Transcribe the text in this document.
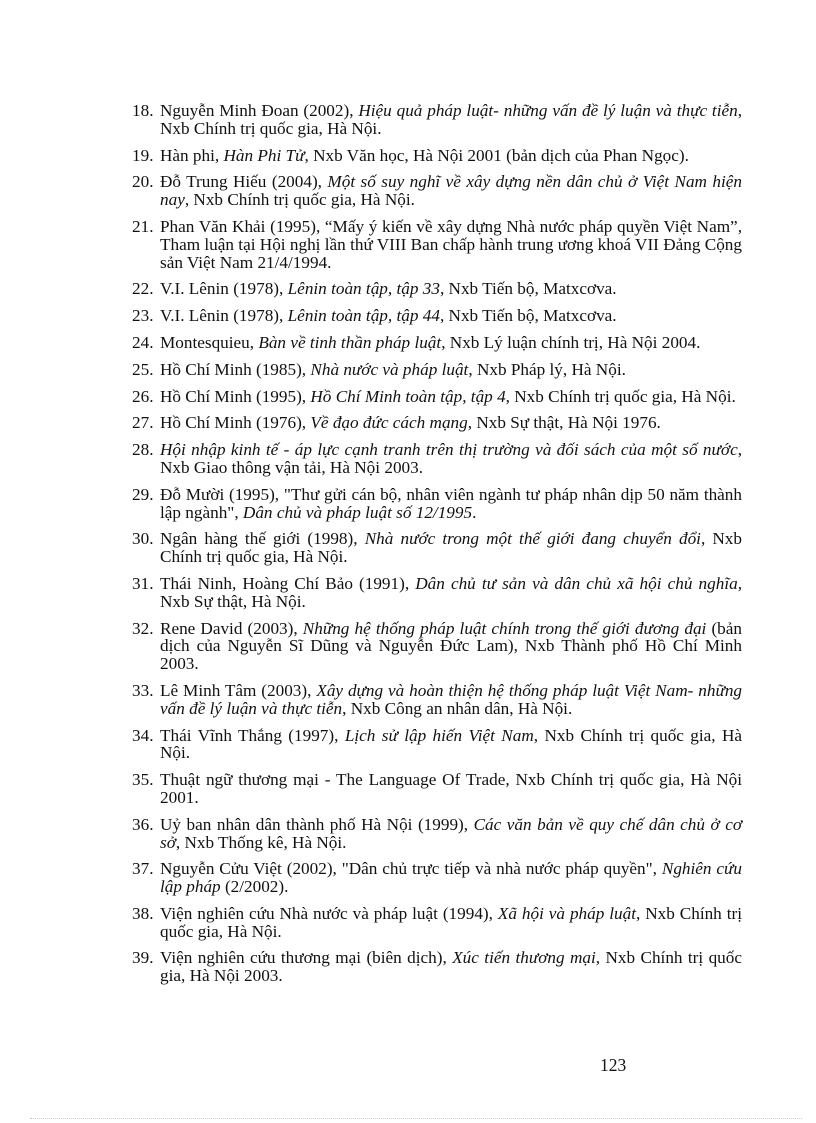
18. Nguyễn Minh Đoan (2002), Hiệu quả pháp luật- những vấn đề lý luận và thực tiễn, Nxb Chính trị quốc gia, Hà Nội.
19. Hàn phi, Hàn Phi Tử, Nxb Văn học, Hà Nội 2001 (bản dịch của Phan Ngọc).
20. Đỗ Trung Hiếu (2004), Một số suy nghĩ về xây dựng nền dân chủ ở Việt Nam hiện nay, Nxb Chính trị quốc gia, Hà Nội.
21. Phan Văn Khải (1995), “Mấy ý kiến về xây dựng Nhà nước pháp quyền Việt Nam”, Tham luận tại Hội nghị lần thứ VIII Ban chấp hành trung ương khoá VII Đảng Cộng sản Việt Nam 21/4/1994.
22. V.I. Lênin (1978), Lênin toàn tập, tập 33, Nxb Tiến bộ, Matxcơva.
23. V.I. Lênin (1978), Lênin toàn tập, tập 44, Nxb Tiến bộ, Matxcơva.
24. Montesquieu, Bàn về tinh thần pháp luật, Nxb Lý luận chính trị, Hà Nội 2004.
25. Hồ Chí Minh (1985), Nhà nước và pháp luật, Nxb Pháp lý, Hà Nội.
26. Hồ Chí Minh (1995), Hồ Chí Minh toàn tập, tập 4, Nxb Chính trị quốc gia, Hà Nội.
27. Hồ Chí Minh (1976), Về đạo đức cách mạng, Nxb Sự thật, Hà Nội 1976.
28. Hội nhập kinh tế - áp lực cạnh tranh trên thị trường và đối sách của một số nước, Nxb Giao thông vận tải, Hà Nội 2003.
29. Đỗ Mười (1995), "Thư gửi cán bộ, nhân viên ngành tư pháp nhân dịp 50 năm thành lập ngành", Dân chủ và pháp luật số 12/1995.
30. Ngân hàng thế giới (1998), Nhà nước trong một thế giới đang chuyển đổi, Nxb Chính trị quốc gia, Hà Nội.
31. Thái Ninh, Hoàng Chí Bảo (1991), Dân chủ tư sản và dân chủ xã hội chủ nghĩa, Nxb Sự thật, Hà Nội.
32. Rene David (2003), Những hệ thống pháp luật chính trong thế giới đương đại (bản dịch của Nguyễn Sĩ Dũng và Nguyễn Đức Lam), Nxb Thành phố Hồ Chí Minh 2003.
33. Lê Minh Tâm (2003), Xây dựng và hoàn thiện hệ thống pháp luật Việt Nam- những vấn đề lý luận và thực tiễn, Nxb Công an nhân dân, Hà Nội.
34. Thái Vĩnh Thắng (1997), Lịch sử lập hiến Việt Nam, Nxb Chính trị quốc gia, Hà Nội.
35. Thuật ngữ thương mại - The Language Of Trade, Nxb Chính trị quốc gia, Hà Nội 2001.
36. Uỷ ban nhân dân thành phố Hà Nội (1999), Các văn bản về quy chế dân chủ ở cơ sở, Nxb Thống kê, Hà Nội.
37. Nguyễn Cửu Việt (2002), "Dân chủ trực tiếp và nhà nước pháp quyền", Nghiên cứu lập pháp (2/2002).
38. Viện nghiên cứu Nhà nước và pháp luật (1994), Xã hội và pháp luật, Nxb Chính trị quốc gia, Hà Nội.
39. Viện nghiên cứu thương mại (biên dịch), Xúc tiến thương mại, Nxb Chính trị quốc gia, Hà Nội 2003.
123
